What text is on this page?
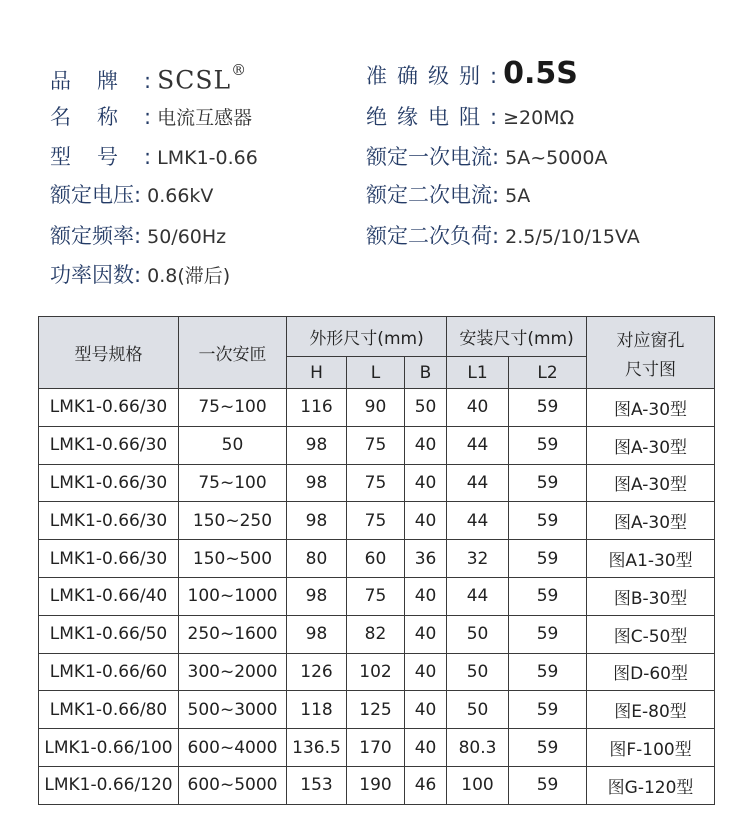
品牌: SCSL®
名称: 电流互感器
型号: LMK1-0.66
额定电压: 0.66kV
额定频率: 50/60Hz
功率因数: 0.8(滞后)
准确级别: 0.5S
绝缘电阻: ≥20MΩ
额定一次电流: 5A~5000A
额定二次电流: 5A
额定二次负荷: 2.5/5/10/15VA
型号规格	一次安匝	外形尺寸(mm)			安装尺寸(mm)		对应窗孔
尺寸图

		H	L	B	L1	L2	
LMK1-0.66/30	75~100	116	90	50	40	59	图A-30型
LMK1-0.66/30	50	98	75	40	44	59	图A-30型
LMK1-0.66/30	75~100	98	75	40	44	59	图A-30型
LMK1-0.66/30	150~250	98	75	40	44	59	图A-30型
LMK1-0.66/30	150~500	80	60	36	32	59	图A1-30型
LMK1-0.66/40	100~1000	98	75	40	44	59	图B-30型
LMK1-0.66/50	250~1600	98	82	40	50	59	图C-50型
LMK1-0.66/60	300~2000	126	102	40	50	59	图D-60型
LMK1-0.66/80	500~3000	118	125	40	50	59	图E-80型
LMK1-0.66/100	600~4000	136.5	170	40	80.3	59	图F-100型
LMK1-0.66/120	600~5000	153	190	46	100	59	图G-120型
